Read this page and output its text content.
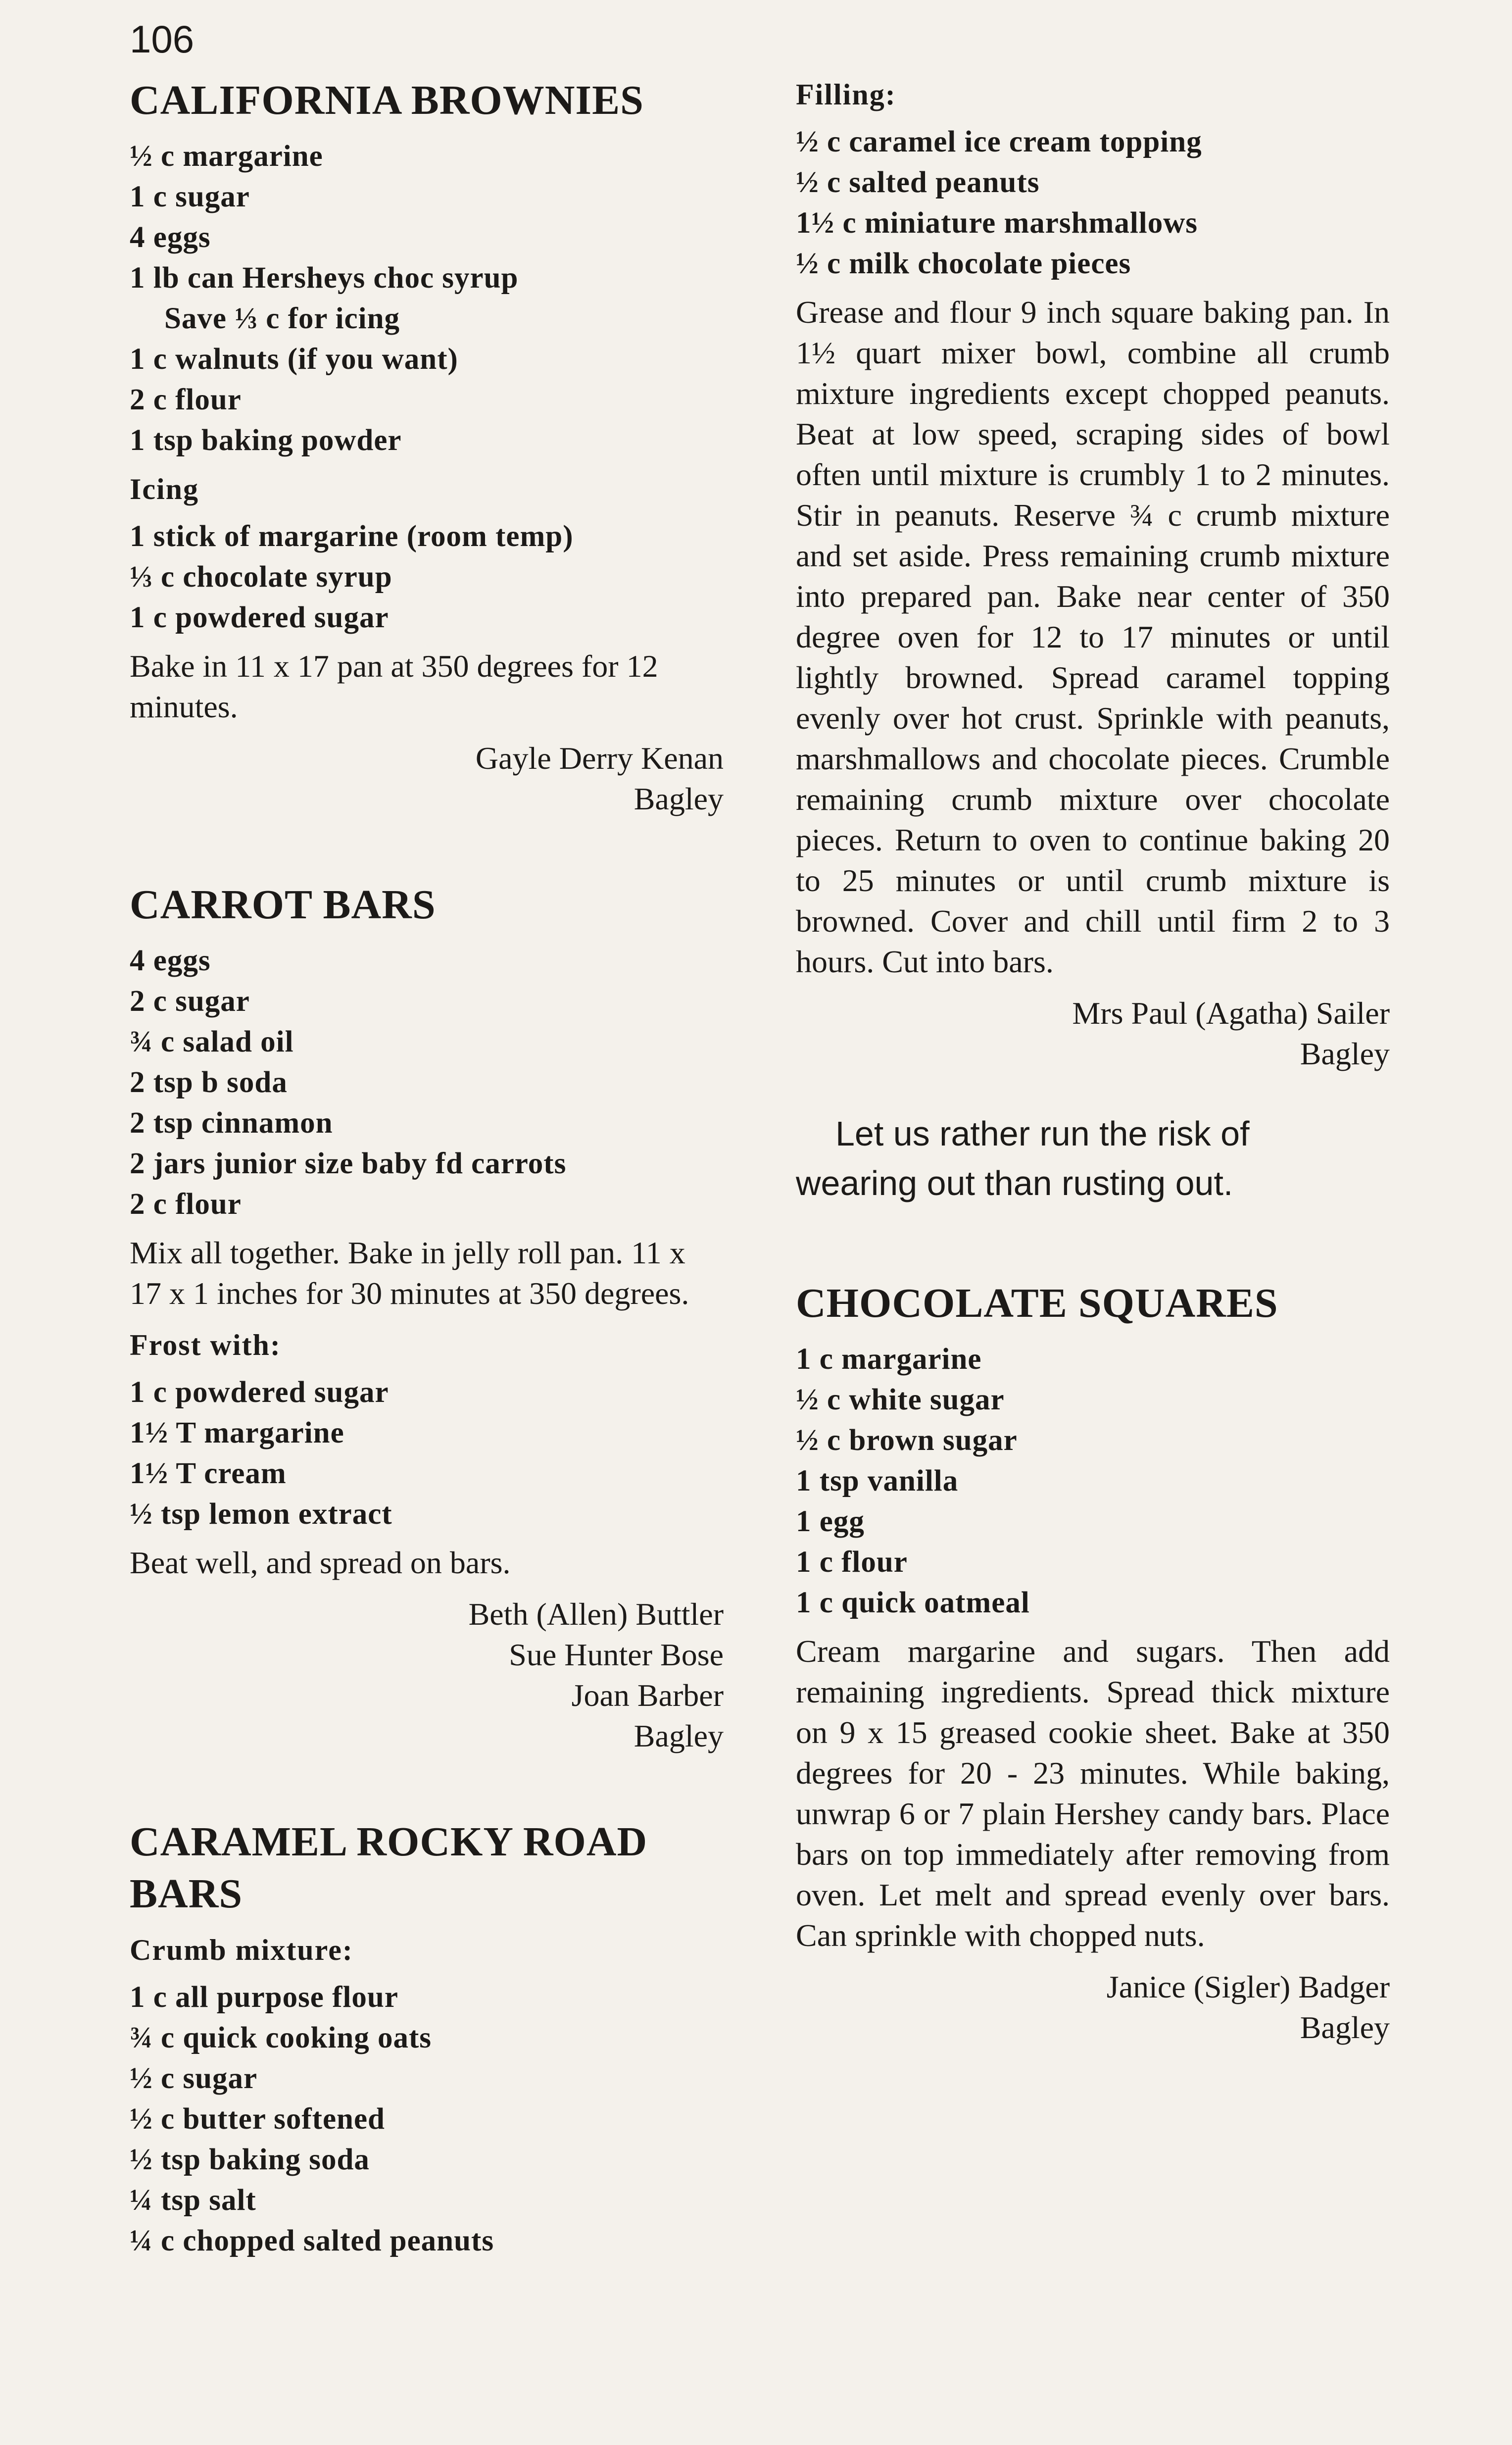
106
CALIFORNIA BROWNIES
½ c margarine
1 c sugar
4 eggs
1 lb can Hersheys choc syrup
Save ⅓ c for icing
1 c walnuts (if you want)
2 c flour
1 tsp baking powder
Icing
1 stick of margarine (room temp)
⅓ c chocolate syrup
1 c powdered sugar

Bake in 11 x 17 pan at 350 degrees for 12 minutes.

Gayle Derry Kenan
Bagley
CARROT BARS
4 eggs
2 c sugar
¾ c salad oil
2 tsp b soda
2 tsp cinnamon
2 jars junior size baby fd carrots
2 c flour

Mix all together. Bake in jelly roll pan. 11 x 17 x 1 inches for 30 minutes at 350 degrees.

Frost with:
1 c powdered sugar
1½ T margarine
1½ T cream
½ tsp lemon extract

Beat well, and spread on bars.

Beth (Allen) Buttler
Sue Hunter Bose
Joan Barber
Bagley
CARAMEL ROCKY ROAD BARS
Crumb mixture:
1 c all purpose flour
¾ c quick cooking oats
½ c sugar
½ c butter softened
½ tsp baking soda
¼ tsp salt
¼ c chopped salted peanuts
Filling:
½ c caramel ice cream topping
½ c salted peanuts
1½ c miniature marshmallows
½ c milk chocolate pieces

Grease and flour 9 inch square baking pan. In 1½ quart mixer bowl, combine all crumb mixture ingredients except chopped peanuts. Beat at low speed, scraping sides of bowl often until mixture is crumbly 1 to 2 minutes. Stir in peanuts. Reserve ¾ c crumb mixture and set aside. Press remaining crumb mixture into prepared pan. Bake near center of 350 degree oven for 12 to 17 minutes or until lightly browned. Spread caramel topping evenly over hot crust. Sprinkle with peanuts, marshmallows and chocolate pieces. Crumble remaining crumb mixture over chocolate pieces. Return to oven to continue baking 20 to 25 minutes or until crumb mixture is browned. Cover and chill until firm 2 to 3 hours. Cut into bars.

Mrs Paul (Agatha) Sailer
Bagley
Let us rather run the risk of
wearing out than rusting out.
CHOCOLATE SQUARES
1 c margarine
½ c white sugar
½ c brown sugar
1 tsp vanilla
1 egg
1 c flour
1 c quick oatmeal

Cream margarine and sugars. Then add remaining ingredients. Spread thick mixture on 9 x 15 greased cookie sheet. Bake at 350 degrees for 20 - 23 minutes. While baking, unwrap 6 or 7 plain Hershey candy bars. Place bars on top immediately after removing from oven. Let melt and spread evenly over bars. Can sprinkle with chopped nuts.

Janice (Sigler) Badger
Bagley
